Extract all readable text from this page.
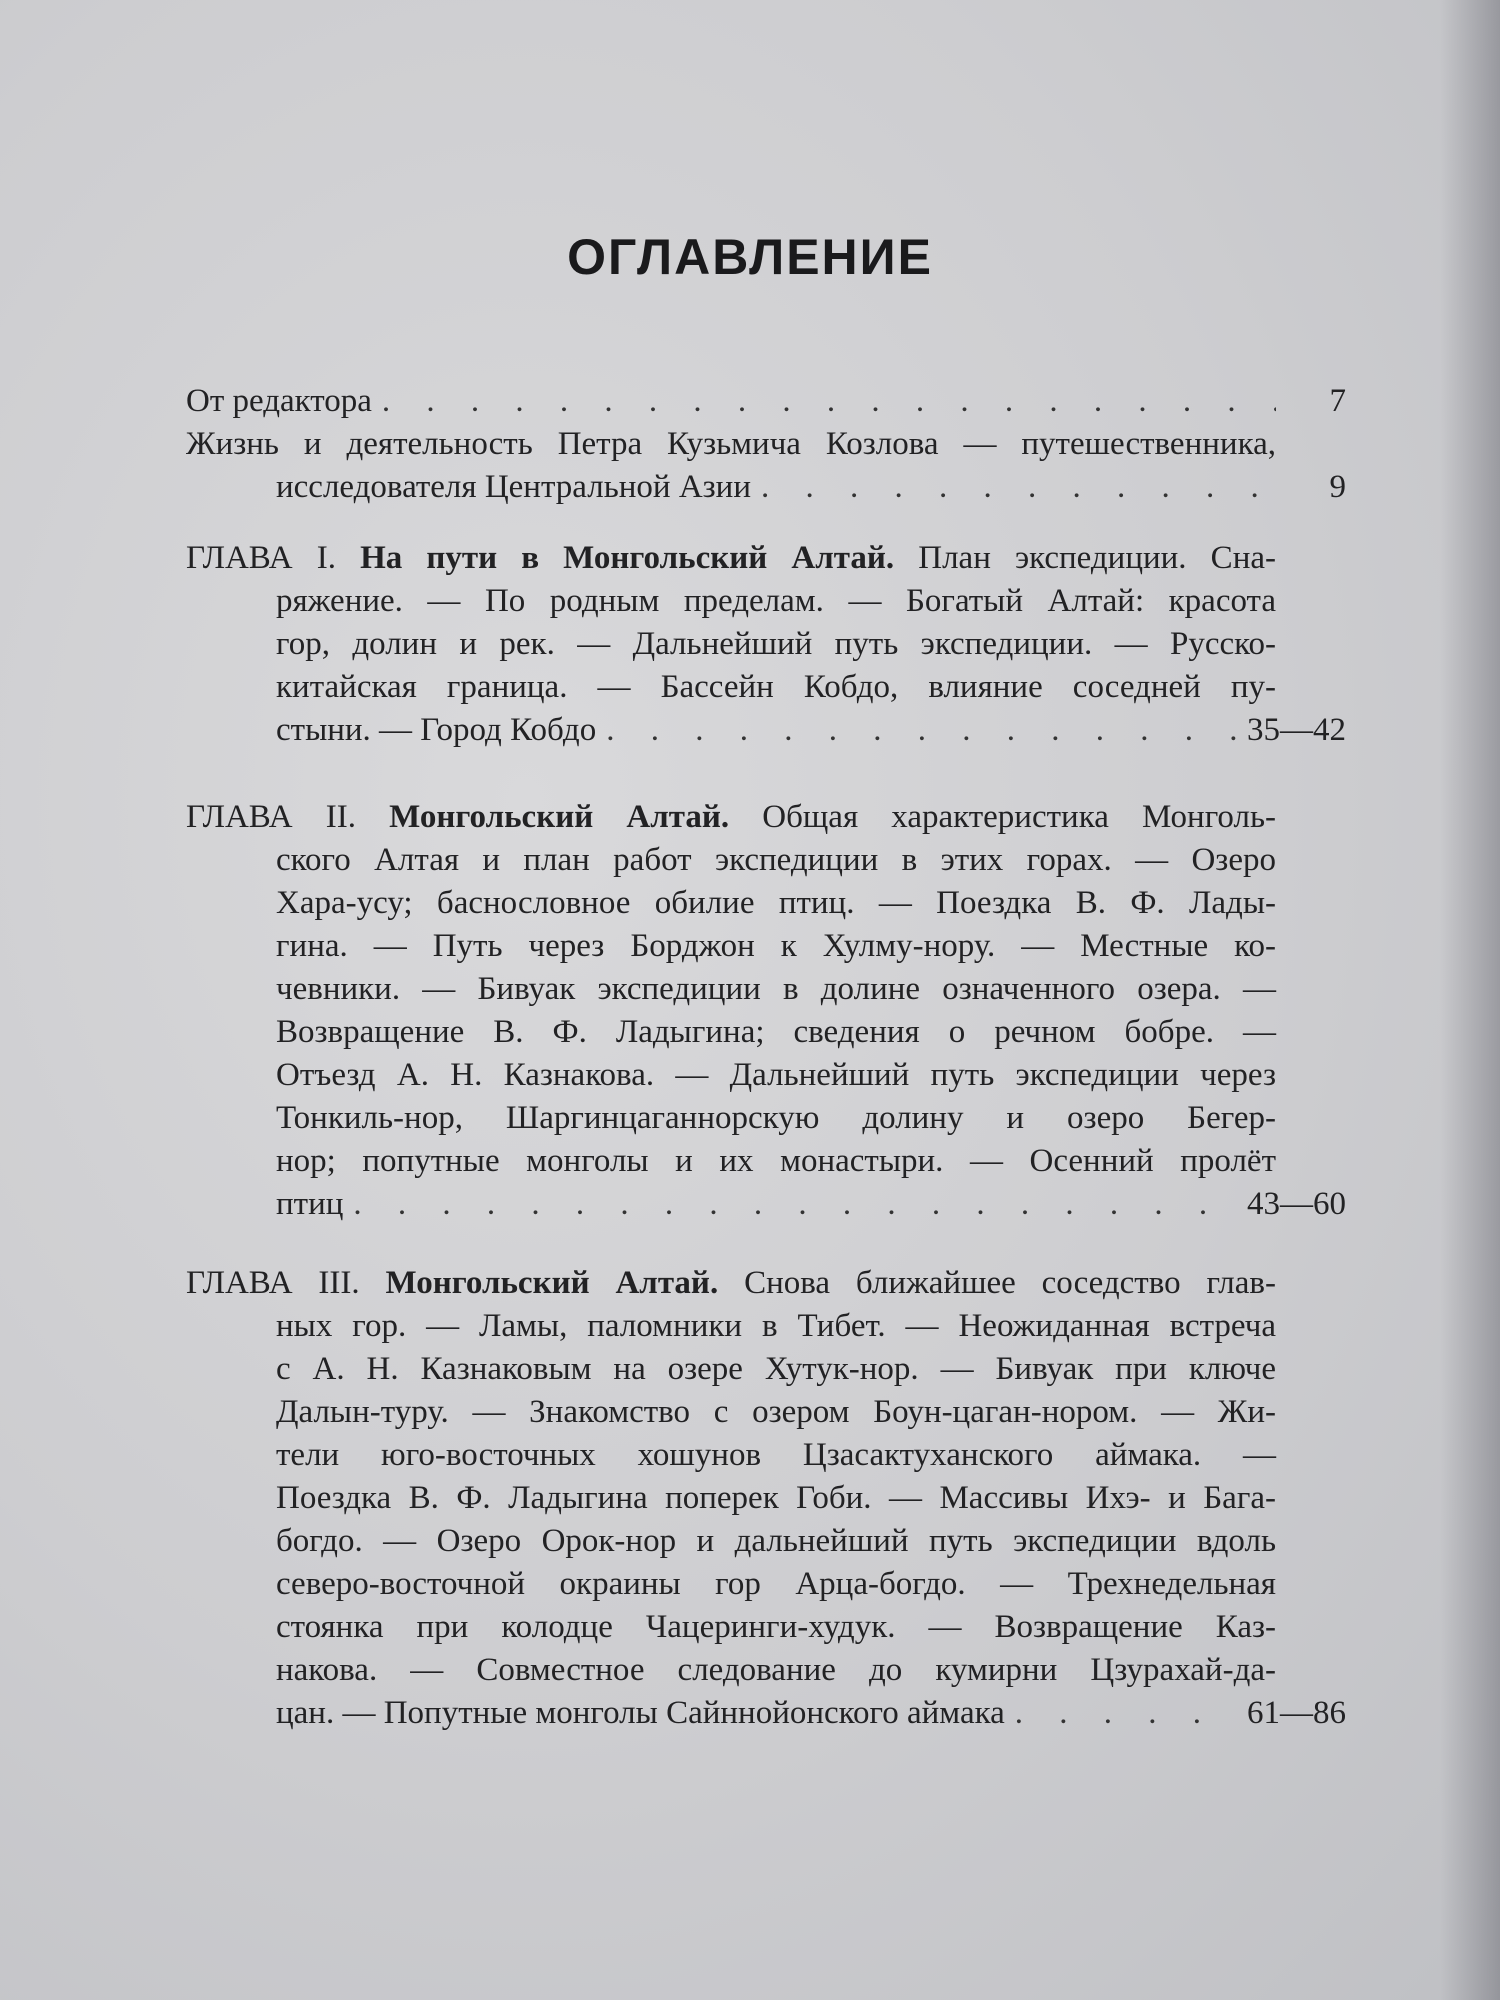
ОГЛАВЛЕНИЕ
От редактора . . .	7
Жизнь и деятельность Петра Кузьмича Козлова — путешественника,
исследователя Центральной Азии . . .	9
ГЛАВА I. На пути в Монгольский Алтай. План экспедиции. Сна-
ряжение. — По родным пределам. — Богатый Алтай: красота
гор, долин и рек. — Дальнейший путь экспедиции. — Русско-
китайская граница. — Бассейн Кобдо, влияние соседней пу-
стыни. — Город Кобдо . . .	35—42
ГЛАВА II. Монгольский Алтай. Общая характеристика Монголь-
ского Алтая и план работ экспедиции в этих горах. — Озеро
Хара-усу; баснословное обилие птиц. — Поездка В. Ф. Лады-
гина. — Путь через Борджон к Хулму-нору. — Местные ко-
чевники. — Бивуак экспедиции в долине означенного озера. —
Возвращение В. Ф. Ладыгина; сведения о речном бобре. —
Отъезд А. Н. Казнакова. — Дальнейший путь экспедиции через
Тонкиль-нор, Шаргинцаганнорскую долину и озеро Бегер-
нор; попутные монголы и их монастыри. — Осенний пролёт
птиц . . .	43—60
ГЛАВА III. Монгольский Алтай. Снова ближайшее соседство глав-
ных гор. — Ламы, паломники в Тибет. — Неожиданная встреча
с А. Н. Казнаковым на озере Хутук-нор. — Бивуак при ключе
Далын-туру. — Знакомство с озером Боун-цаган-нором. — Жи-
тели юго-восточных хошунов Цзасактуханского аймака. —
Поездка В. Ф. Ладыгина поперек Гоби. — Массивы Ихэ- и Бага-
богдо. — Озеро Орок-нор и дальнейший путь экспедиции вдоль
северо-восточной окраины гор Арца-богдо. — Трехнедельная
стоянка при колодце Чацеринги-худук. — Возвращение Каз-
накова. — Совместное следование до кумирни Цзурахай-да-
цан. — Попутные монголы Сайннойонского аймака . . .	61—86
